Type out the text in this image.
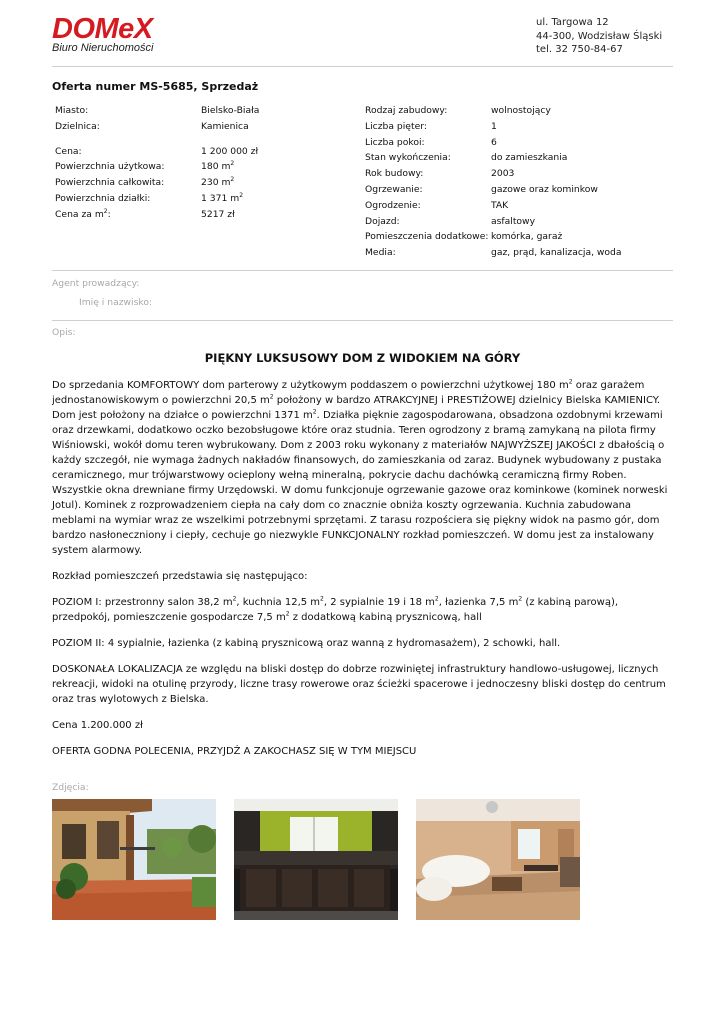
DOMeX
Biuro Nieruchomości
ul. Targowa 12
44-300, Wodzisław Śląski
tel. 32 750-84-67
Oferta numer MS-5685, Sprzedaż
Miasto:	Bielsko-Biała
Dzielnica:	Kamienica
Cena:	1 200 000 zł
Powierzchnia użytkowa:	180 $m^2$
Powierzchnia całkowita:	230 $m^2$
Powierzchnia działki:	1 371 $m^2$
Cena za $m^2$:	5217 zł
Rodzaj zabudowy:	wolnostojący
Liczba pięter:	1
Liczba pokoi:	6
Stan wykończenia:	do zamieszkania
Rok budowy:	2003
Ogrzewanie:	gazowe oraz kominkow
Ogrodzenie:	TAK
Dojazd:	asfaltowy
Pomieszczenia dodatkowe: komórka, garaż
Media:	gaz, prąd, kanalizacja, woda
Agent prowadzący:
Imię i nazwisko:
Opis:
PIĘKNY LUKSUSOWY DOM Z WIDOKIEM NA GÓRY

Do sprzedania KOMFORTOWY dom parterowy z użytkowym poddaszem o powierzchni użytkowej 180 $m^2$ oraz garażem jednostanowiskowym o powierzchni 20,5 $m^2$ położony w bardzo ATRAKCYJNEJ i PRESTIŻOWEJ dzielnicy Bielska KAMIENICY. Dom jest położony na działce o powierzchni 1371 $m^2$. Działka pięknie zagospodarowana, obsadzona ozdobnymi krzewami oraz drzewkami, dodatkowo oczko bezobsługowe które oraz studnia. Teren ogrodzony z bramą zamykaną na pilota firmy Wiśniowski, wokół domu teren wybrukowany. Dom z 2003 roku wykonany z materiałów NAJWYŻSZEJ JAKOŚCI z dbałością o każdy szczegół, nie wymaga żadnych nakładów finansowych, do zamieszkania od zaraz. Budynek wybudowany z pustaka ceramicznego, mur trójwarstwowy ocieplony wełną mineralną, pokrycie dachu dachówką ceramiczną firmy Roben. Wszystkie okna drewniane firmy Urzędowski. W domu funkcjonuje ogrzewanie gazowe oraz kominkowe (kominek norweski Jotul). Kominek z rozprowadzeniem ciepła na cały dom co znacznie obniża koszty ogrzewania. Kuchnia zabudowana meblami na wymiar wraz ze wszelkimi potrzebnymi sprzętami. Z tarasu rozpościera się piękny widok na pasmo gór, dom bardzo nasłoneczniony i ciepły, cechuje go niezwykle FUNKCJONALNY rozkład pomieszczeń. W domu jest za instalowany system alarmowy.

Rozkład pomieszczeń przedstawia się następująco:

POZIOM I: przestronny salon 38,2 $m^2$, kuchnia 12,5 $m^2$, 2 sypialnie 19 i 18 $m^2$, łazienka 7,5 $m^2$ (z kabiną parową), przedpokój, pomieszczenie gospodarcze 7,5 $m^2$ z dodatkową kabiną prysznicową, hall

POZIOM II: 4 sypialnie, łazienka (z kabiną prysznicową oraz wanną z hydromasażem), 2 schowki, hall.

DOSKONAŁA LOKALIZACJA ze względu na bliski dostęp do dobrze rozwiniętej infrastruktury handlowo-usługowej, licznych rekreacji, widoki na otulinę przyrody, liczne trasy rowerowe oraz ścieżki spacerowe i jednoczesny bliski dostęp do centrum oraz tras wylotowych z Bielska.

Cena 1.200.000 zł

OFERTA GODNA POLECENIA, PRZYJDŹ A ZAKOCHASZ SIĘ W TYM MIEJSCU

Zdjęcia:
